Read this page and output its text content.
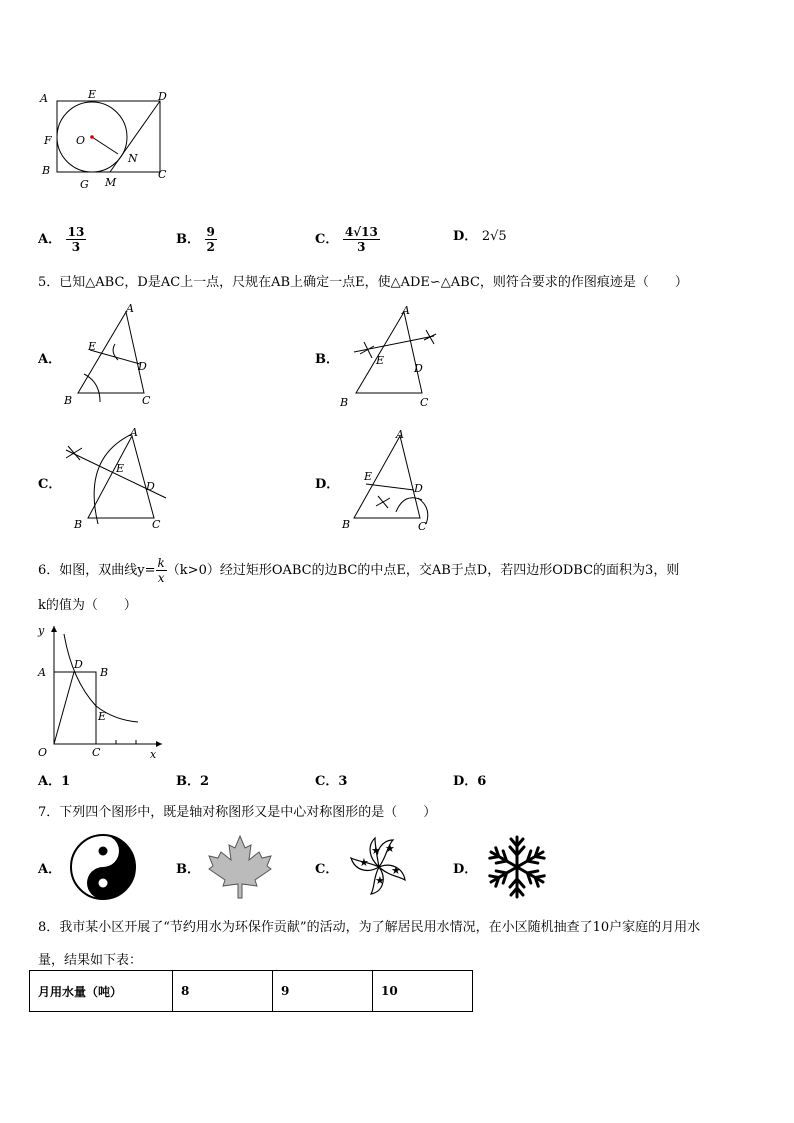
A	E	D
F O
N
B
G M
C
A． $\frac{13}{3}$	B． $\frac{9}{2}$	C． $\frac{4√13}{3}$	D． 2√5
5．已知△ABC，D是AC上一点，尺规在AB上确定一点E，使△ADE∽△ABC，则符合要求的作图痕迹是（　　）
A．
A
E
D
B	C
B．
A
E
D
B	C
C．
A
E
D
B	C
D．
A
E
D
B	C
6．如图，双曲线$y= \frac{k}{x} (k>0)$经过矩形OABC的边BC的中点E，交AB于点D，若四边形ODBC的面积为3，则
k的值为（　　）
y
A
D
B
E
O	C	x
A．1	B．2	C．3	D．6
7．下列四个图形中，既是轴对称图形又是中心对称图形的是（　　）
A．	B．	C．
★
★
★
★
★
D．
8．我市某小区开展了“节约用水为环保作贡献”的活动，为了解居民用水情况，在小区随机抽查了10户家庭的月用水
量，结果如下表：
月用水量（吨）	8	9	10
